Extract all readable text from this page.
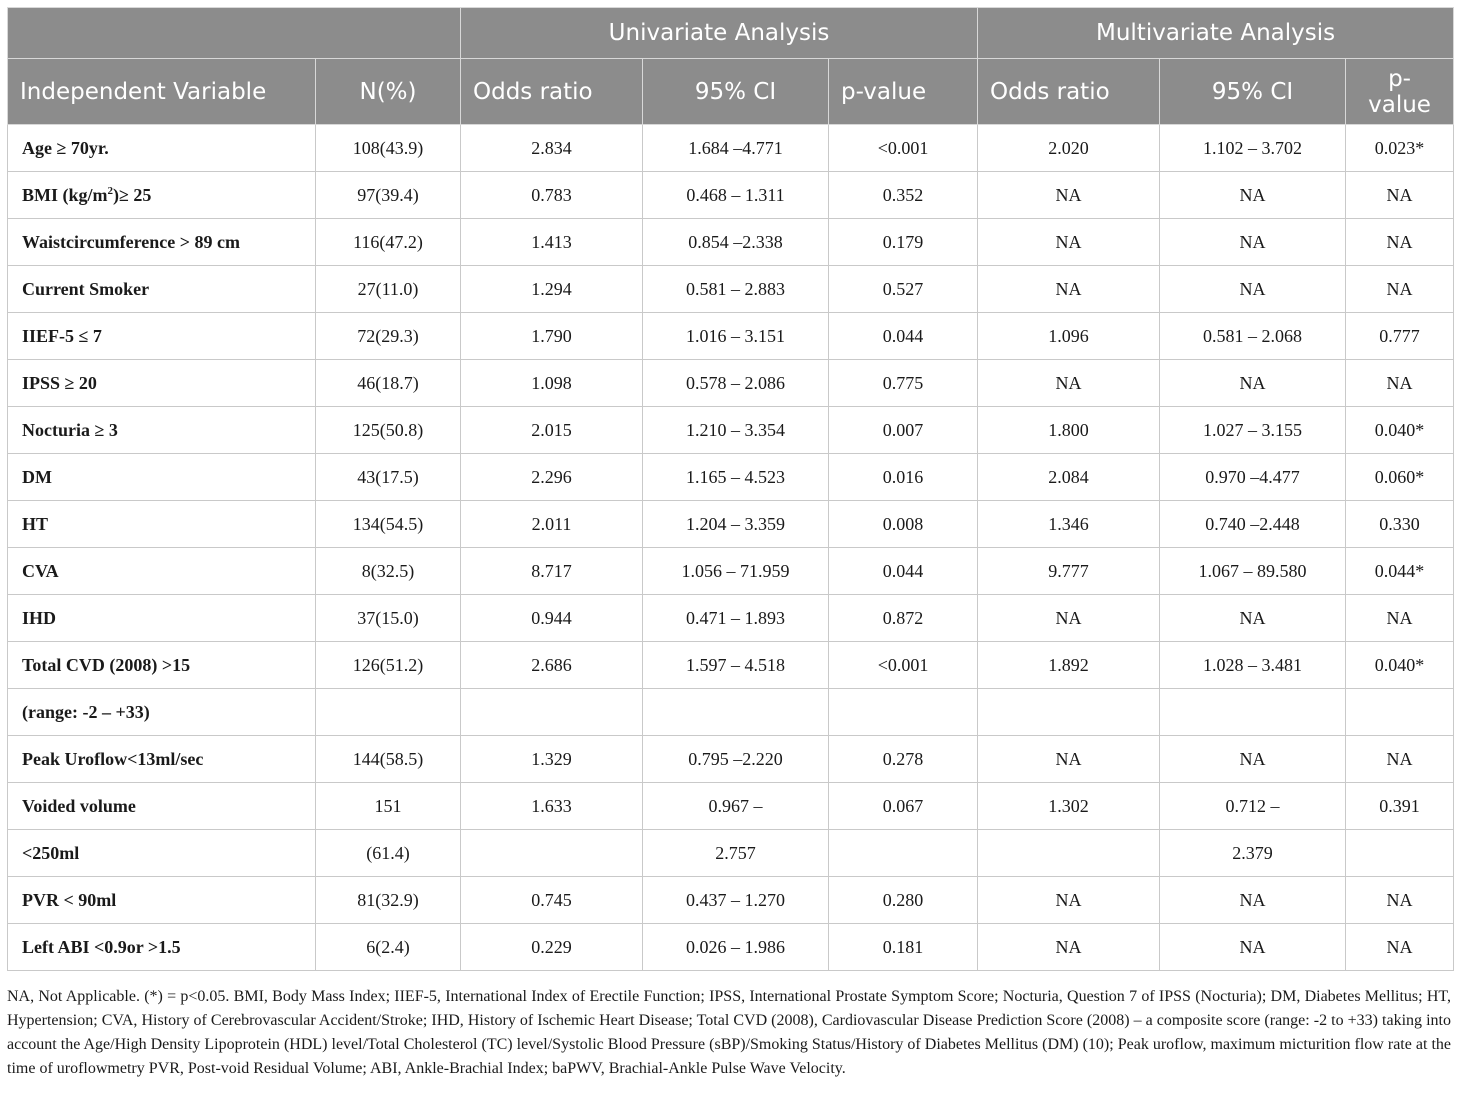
		Univariate Analysis			Multivariate Analysis		
Independent Variable	N(%)	Odds ratio	95% CI	p-value	Odds ratio	95% CI	p-value
Age ≥ 70yr.	108(43.9)	2.834	1.684 –4.771	<0.001	2.020	1.102 – 3.702	0.023*
BMI $(kg/m^2)\ge 25$	97(39.4)	0.783	0.468 – 1.311	0.352	NA	NA	NA
Waistcircumference > 89 cm	116(47.2)	1.413	0.854 –2.338	0.179	NA	NA	NA
Current Smoker	27(11.0)	1.294	0.581 – 2.883	0.527	NA	NA	NA
IIEF-5 ≤ 7	72(29.3)	1.790	1.016 – 3.151	0.044	1.096	0.581 – 2.068	0.777
IPSS ≥ 20	46(18.7)	1.098	0.578 – 2.086	0.775	NA	NA	NA
Nocturia ≥ 3	125(50.8)	2.015	1.210 – 3.354	0.007	1.800	1.027 – 3.155	0.040*
DM	43(17.5)	2.296	1.165 – 4.523	0.016	2.084	0.970 –4.477	0.060*
HT	134(54.5)	2.011	1.204 – 3.359	0.008	1.346	0.740 –2.448	0.330
CVA	8(32.5)	8.717	1.056 – 71.959	0.044	9.777	1.067 – 89.580	0.044*
IHD	37(15.0)	0.944	0.471 – 1.893	0.872	NA	NA	NA
Total CVD (2008) >15	126(51.2)	2.686	1.597 – 4.518	<0.001	1.892	1.028 – 3.481	0.040*
(range: -2 – +33)							
Peak Uroflow<13ml/sec	144(58.5)	1.329	0.795 –2.220	0.278	NA	NA	NA
Voided volume	151	1.633	0.967 –	0.067	1.302	0.712 –	0.391
<250ml	(61.4)		2.757			2.379	
PVR < 90ml	81(32.9)	0.745	0.437 – 1.270	0.280	NA	NA	NA
Left ABI <0.9or >1.5	6(2.4)	0.229	0.026 – 1.986	0.181	NA	NA	NA
NA, Not Applicable. (*) = p<0.05. BMI, Body Mass Index; IIEF-5, International Index of Erectile Function; IPSS, International Prostate Symptom Score; Nocturia, Question 7 of IPSS (Nocturia); DM, Diabetes Mellitus; HT, Hypertension; CVA, History of Cerebrovascular Accident/Stroke; IHD, History of Ischemic Heart Disease; Total CVD (2008), Cardiovascular Disease Prediction Score (2008) – a composite score (range: -2 to +33) taking into account the Age/High Density Lipoprotein (HDL) level/Total Cholesterol (TC) level/Systolic Blood Pressure (sBP)/Smoking Status/History of Diabetes Mellitus (DM) (10); Peak uroflow, maximum micturition flow rate at the time of uroflowmetry PVR, Post-void Residual Volume; ABI, Ankle-Brachial Index; baPWV, Brachial-Ankle Pulse Wave Velocity.
